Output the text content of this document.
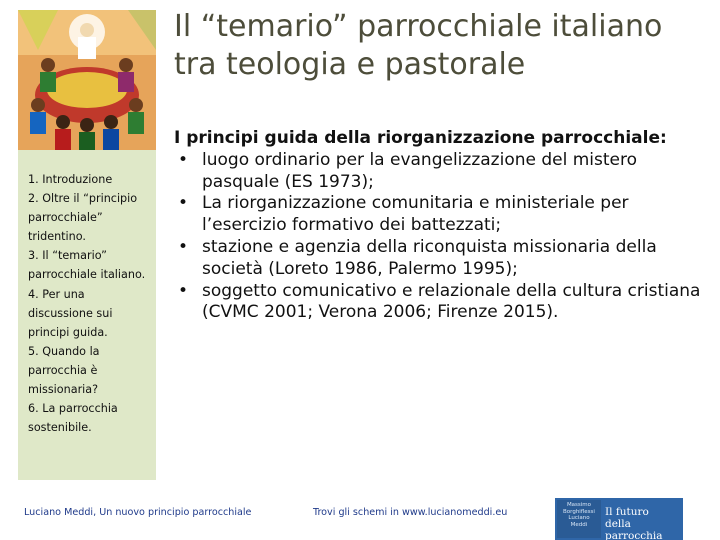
1. Introduzione

2. Oltre il “principio parrocchiale” tridentino.

3. Il “temario” parrocchiale italiano.

4. Per una discussione sui principi guida.

5. Quando la parrocchia è missionaria?

6. La parrocchia sostenibile.

Il “temario” parrocchiale italiano tra teologia e pastorale
I principi guida della riorganizzazione parrocchiale:
• luogo ordinario per la evangelizzazione del mistero pasquale (ES 1973);
• La riorganizzazione comunitaria e ministeriale per l’esercizio formativo dei battezzati;
• stazione e agenzia della riconquista missionaria della società (Loreto 1986, Palermo 1995);
• soggetto comunicativo e relazionale della cultura cristiana (CVMC 2001; Verona 2006; Firenze 2015).
Luciano Meddi, Un nuovo principio parrocchiale	Trovi gli schemi in www.lucianomeddi.eu
Massimo
Borghiflessi
Luciano
Meddi
Il futuro
della parrocchia
